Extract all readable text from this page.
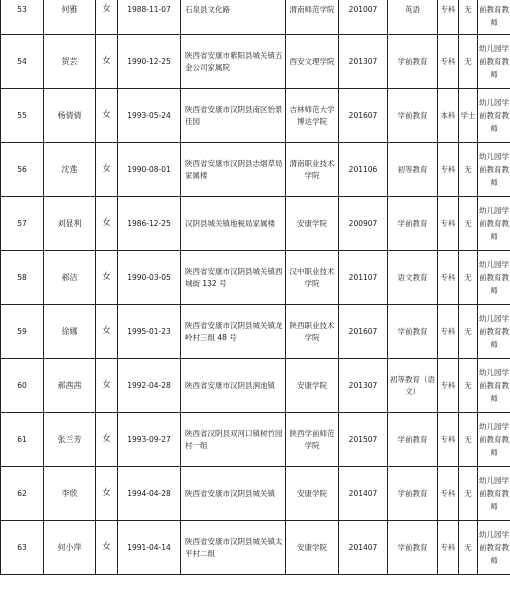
53	何雅	女	1988-11-07	石泉县文化路	渭南师范学院	201007	英语	专科	无	前教育教师
54	贺芸	女	1990-12-25	陕西省安康市紫阳县城关镇五金公司家属院	西安文理学院	201307	学前教育	专科	无	幼儿园学前教育教师
55	杨倩倩	女	1993-05-24	陕西省安康市汉阴县南区怡景佳园	吉林师范大学博达学院	201607	学前教育	本科	学士	幼儿园学前教育教师
56	沈莲	女	1990-08-01	陕西省安康市汉阴县志烟草局家属楼	渭南职业技术学院	201106	初等教育	专科	无	幼儿园学前教育教师
57	刘显利	女	1986-12-25	汉阴县城关镇地税局家属楼	安康学院	200907	学前教育	专科	无	幼儿园学前教育教师
58	郝洁	女	1990-03-05	陕西省安康市汉阴县城关镇西城街 132 号	汉中职业技术学院	201107	语文教育	专科	无	幼儿园学前教育教师
59	徐娜	女	1995-01-23	陕西省安康市汉阴县城关镇龙岭村三组 48 号	陕西职业技术学院	201607	学前教育	专科	无	幼儿园学前教育教师
60	郝茜茜	女	1992-04-28	陕西省安康市汉阴县涧池镇	安康学院	201307	初等教育（语文）	专科	无	幼儿园学前教育教师
61	张兰芳	女	1993-09-27	陕西省汉阴县双河口镇树竹园村一组	陕西学前师范学院	201507	学前教育	专科	无	幼儿园学前教育教师
62	李欣	女	1994-04-28	陕西省安康市汉阴县城关镇	安康学院	201407	学前教育	专科	无	幼儿园学前教育教师
63	何小萍	女	1991-04-14	陕西省安康市汉阴县城关镇太平村二组	安康学院	201407	学前教育	专科	无	幼儿园学前教育教师
